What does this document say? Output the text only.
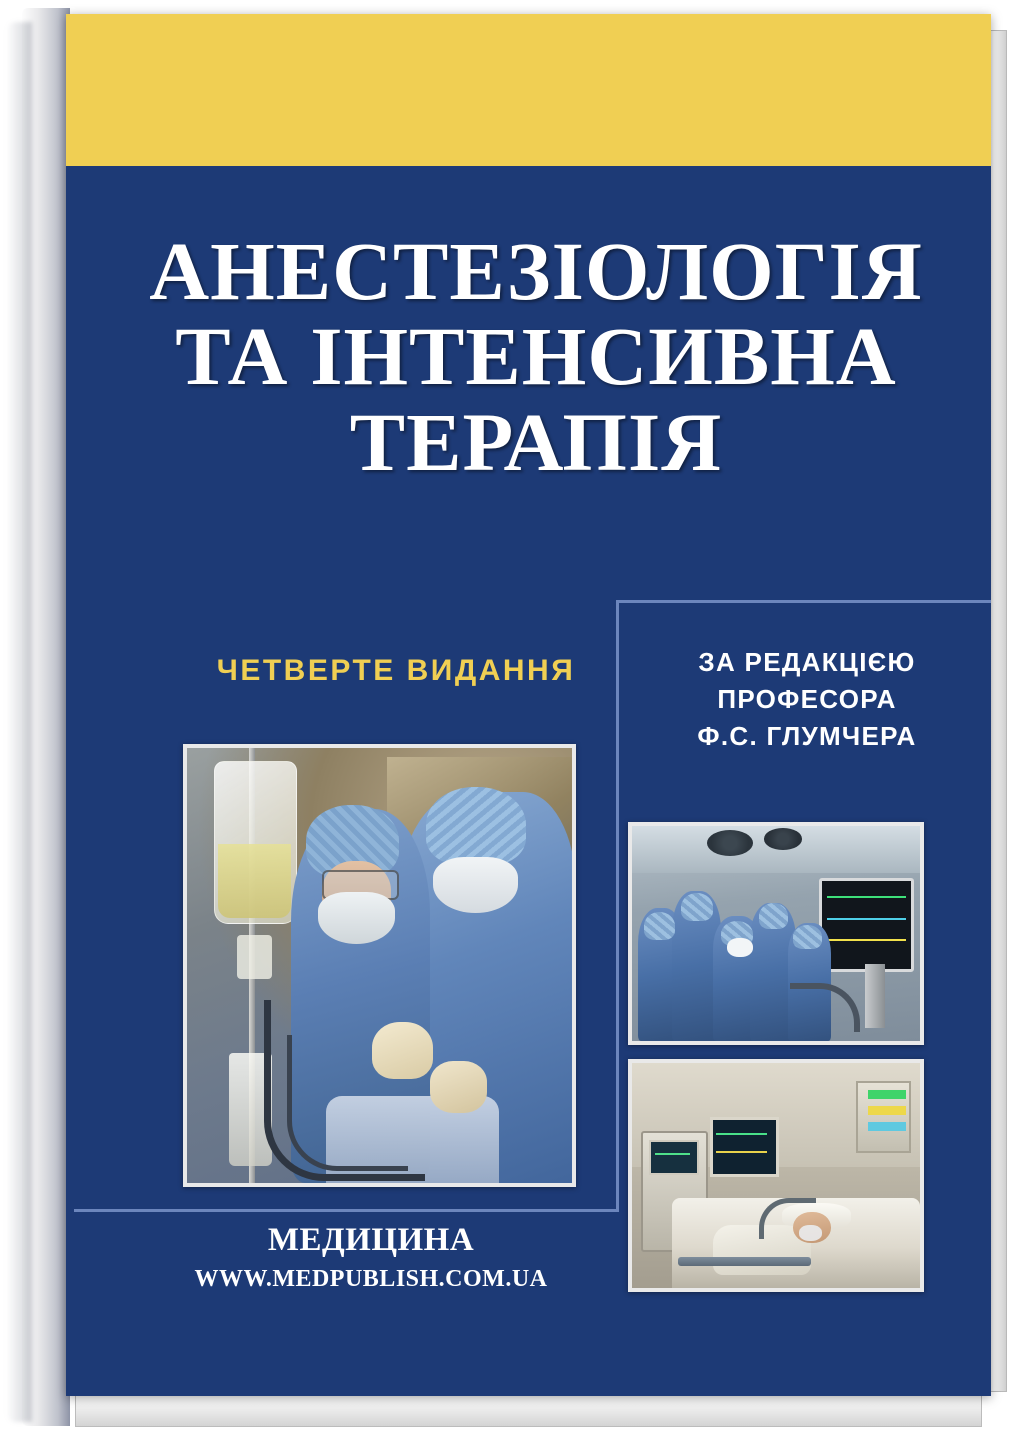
АНЕСТЕЗІОЛОГІЯ
ТА ІНТЕНСИВНА
ТЕРАПІЯ
ЧЕТВЕРТЕ ВИДАННЯ	ЗА РЕДАКЦІЄЮ
ПРОФЕСОРА
Ф.С. ГЛУМЧЕРА
МЕДИЦИНА
WWW.MEDPUBLISH.COM.UA
